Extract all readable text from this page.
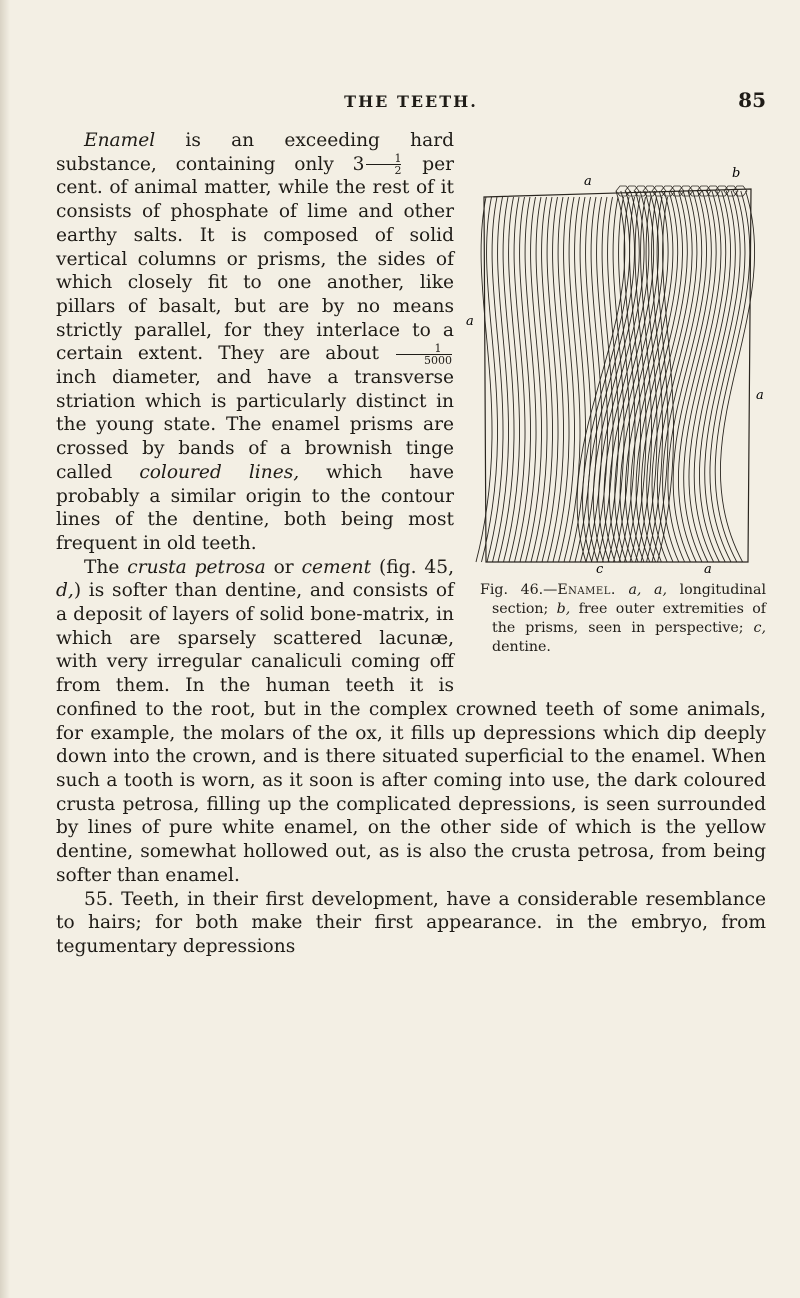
THE TEETH.	85
a
b
a
a
c	a
Fig. 46.—Enamel. a, a, longitudinal section; b, free outer extremities of the prisms, seen in perspective; c, dentine.

Enamel is an exceeding hard substance, containing only $3 \frac{1}{2}$ per cent. of animal matter, while the rest of it consists of phosphate of lime and other earthy salts. It is composed of solid vertical columns or prisms, the sides of which closely fit to one another, like pillars of basalt, but are by no means strictly parallel, for they interlace to a certain extent. They are about $\frac{1}{5000}$
inch diameter, and have a transverse striation which is particularly distinct in the young state. The enamel prisms are crossed by bands of a brownish tinge called coloured lines, which have probably a similar origin to the contour lines of the dentine, both being most frequent in old teeth.

The crusta petrosa or cement (fig. 45, d,) is softer than dentine, and consists of a deposit of layers of solid bone-matrix, in which are sparsely scattered lacunæ, with very irregular canaliculi coming off from them. In the human teeth it is confined to the root, but in the complex crowned teeth of some animals, for example, the molars of the ox, it fills up depressions which dip deeply down into the crown, and is there situated superficial to the enamel. When such a tooth is worn, as it soon is after coming into use, the dark coloured crusta petrosa, filling up the complicated depressions, is seen surrounded by lines of pure white enamel, on the other side of which is the yellow dentine, somewhat hollowed out, as is also the crusta petrosa, from being softer than enamel.

55. Teeth, in their first development, have a considerable resemblance to hairs; for both make their first appearance. in the embryo, from tegumentary depressions
